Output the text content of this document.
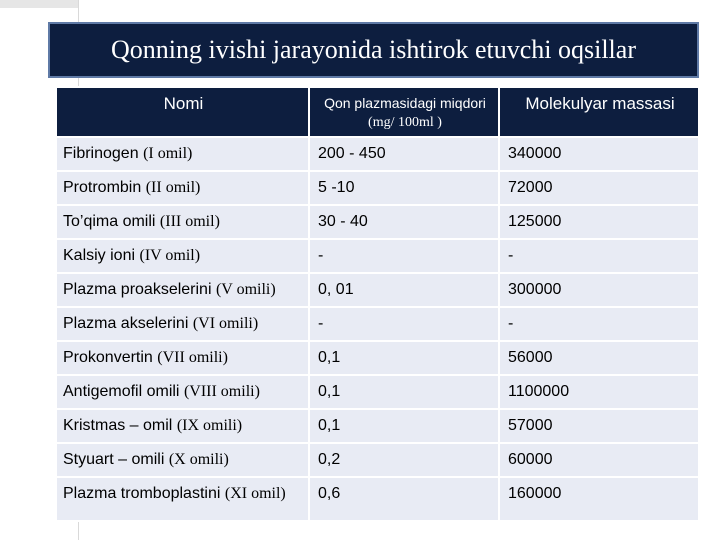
Qonning ivishi jarayonida ishtirok etuvchi oqsillar
Nomi	Qon plazmasidagi miqdori (mg/ 100ml )	Molekulyar massasi
Fibrinogen (I omil)	200 - 450	340000
Protrombin (II omil)	5 -10	72000
To’qima omili (III omil)	30 - 40	125000
Kalsiy ioni (IV omil)	-	-
Plazma proakselerini (V omili)	0, 01	300000
Plazma akselerini (VI omili)	-	-
Prokonvertin (VII omili)	0,1	56000
Antigemofil omili (VIII omili)	0,1	1100000
Kristmas – omil (IX omili)	0,1	57000
Styuart – omili (X omili)	0,2	60000
Plazma tromboplastini (XI omil)	0,6	160000
